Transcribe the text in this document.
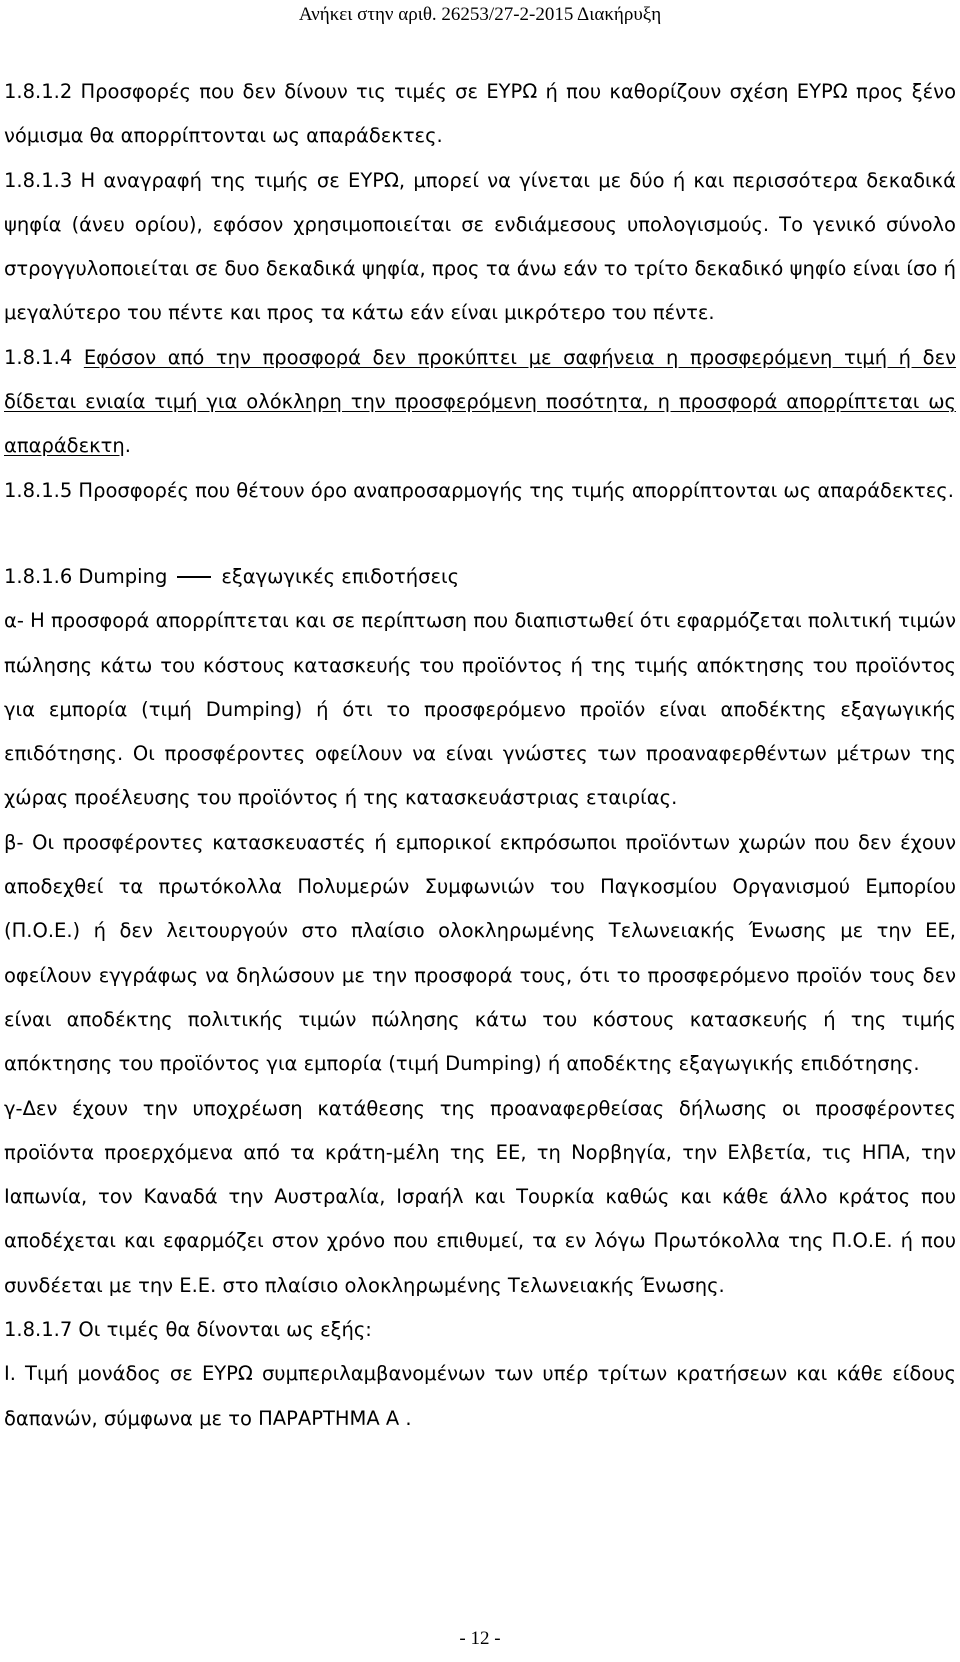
Ανήκει στην αριθ. 26253/27-2-2015 Διακήρυξη

1.8.1.2 Προσφορές που δεν δίνουν τις τιμές σε ΕΥΡΩ ή που καθορίζουν σχέση ΕΥΡΩ προς ξένο νόμισμα θα απορρίπτονται ως απαράδεκτες.

1.8.1.3 Η αναγραφή της τιμής σε ΕΥΡΩ, μπορεί να γίνεται με δύο ή και περισσότερα δεκαδικά ψηφία (άνευ ορίου), εφόσον χρησιμοποιείται σε ενδιάμεσους υπολογισμούς. Το γενικό σύνολο στρογγυλοποιείται σε δυο δεκαδικά ψηφία, προς τα άνω εάν το τρίτο δεκαδικό ψηφίο είναι ίσο ή μεγαλύτερο του πέντε και προς τα κάτω εάν είναι μικρότερο του πέντε.

1.8.1.4 Εφόσον από την προσφορά δεν προκύπτει με σαφήνεια η προσφερόμενη τιμή ή δεν δίδεται ενιαία τιμή για ολόκληρη την προσφερόμενη ποσότητα, η προσφορά απορρίπτεται ως απαράδεκτη.

1.8.1.5 Προσφορές που θέτουν όρο αναπροσαρμογής της τιμής απορρίπτονται ως απαράδεκτες.

1.8.1.6 Dumping	εξαγωγικές επιδοτήσεις

α- Η προσφορά απορρίπτεται και σε περίπτωση που διαπιστωθεί ότι εφαρμόζεται πολιτική τιμών πώλησης κάτω του κόστους κατασκευής του προϊόντος ή της τιμής απόκτησης του προϊόντος για εμπορία (τιμή Dumping) ή ότι το προσφερόμενο προϊόν είναι αποδέκτης εξαγωγικής επιδότησης. Οι προσφέροντες οφείλουν να είναι γνώστες των προαναφερθέντων μέτρων της χώρας προέλευσης του προϊόντος ή της κατασκευάστριας εταιρίας.

β- Οι προσφέροντες κατασκευαστές ή εμπορικοί εκπρόσωποι προϊόντων χωρών που δεν έχουν αποδεχθεί τα πρωτόκολλα Πολυμερών Συμφωνιών του Παγκοσμίου Οργανισμού Εμπορίου (Π.Ο.Ε.) ή δεν λειτουργούν στο πλαίσιο ολοκληρωμένης Τελωνειακής Ένωσης με την ΕΕ, οφείλουν εγγράφως να δηλώσουν με την προσφορά τους, ότι το προσφερόμενο προϊόν τους δεν είναι αποδέκτης πολιτικής τιμών πώλησης κάτω του κόστους κατασκευής ή της τιμής απόκτησης του προϊόντος για εμπορία (τιμή Dumping) ή αποδέκτης εξαγωγικής επιδότησης.

γ-Δεν έχουν την υποχρέωση κατάθεσης της προαναφερθείσας δήλωσης οι προσφέροντες προϊόντα προερχόμενα από τα κράτη-μέλη της ΕΕ, τη Νορβηγία, την Ελβετία, τις ΗΠΑ, την Ιαπωνία, τον Καναδά την Αυστραλία, Ισραήλ και Τουρκία καθώς και κάθε άλλο κράτος που αποδέχεται και εφαρμόζει στον χρόνο που επιθυμεί, τα εν λόγω Πρωτόκολλα της Π.Ο.Ε. ή που συνδέεται με την Ε.Ε. στο πλαίσιο ολοκληρωμένης Τελωνειακής Ένωσης.

1.8.1.7 Οι τιμές θα δίνονται ως εξής:

Ι. Τιμή μονάδος σε ΕΥΡΩ συμπεριλαμβανομένων των υπέρ τρίτων κρατήσεων και κάθε είδους δαπανών, σύμφωνα με το ΠΑΡΑΡΤΗΜΑ Α .

- 12 -
